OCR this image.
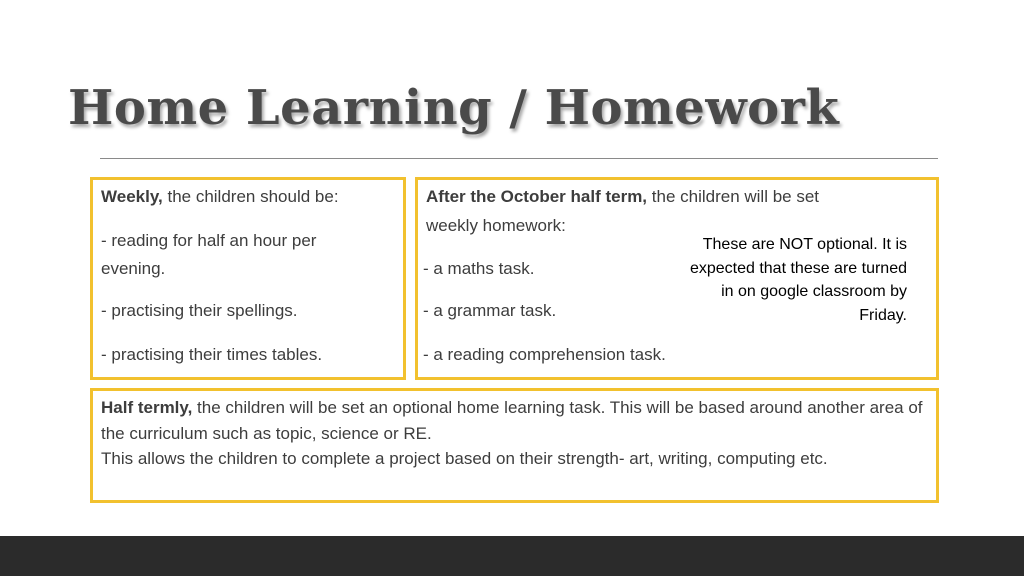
Home Learning / Homework
Weekly, the children should be:
- reading for half an hour per
evening.
- practising their spellings.
- practising their times tables.
After the October half term, the children will be set
weekly homework:
- a maths task.
- a grammar task.
- a reading comprehension task.
These are NOT optional. It is expected that these are turned in on google classroom by Friday.
Half termly, the children will be set an optional home learning task. This will be based around another area of the curriculum such as topic, science or RE.
This allows the children to complete a project based on their strength- art, writing, computing etc.
